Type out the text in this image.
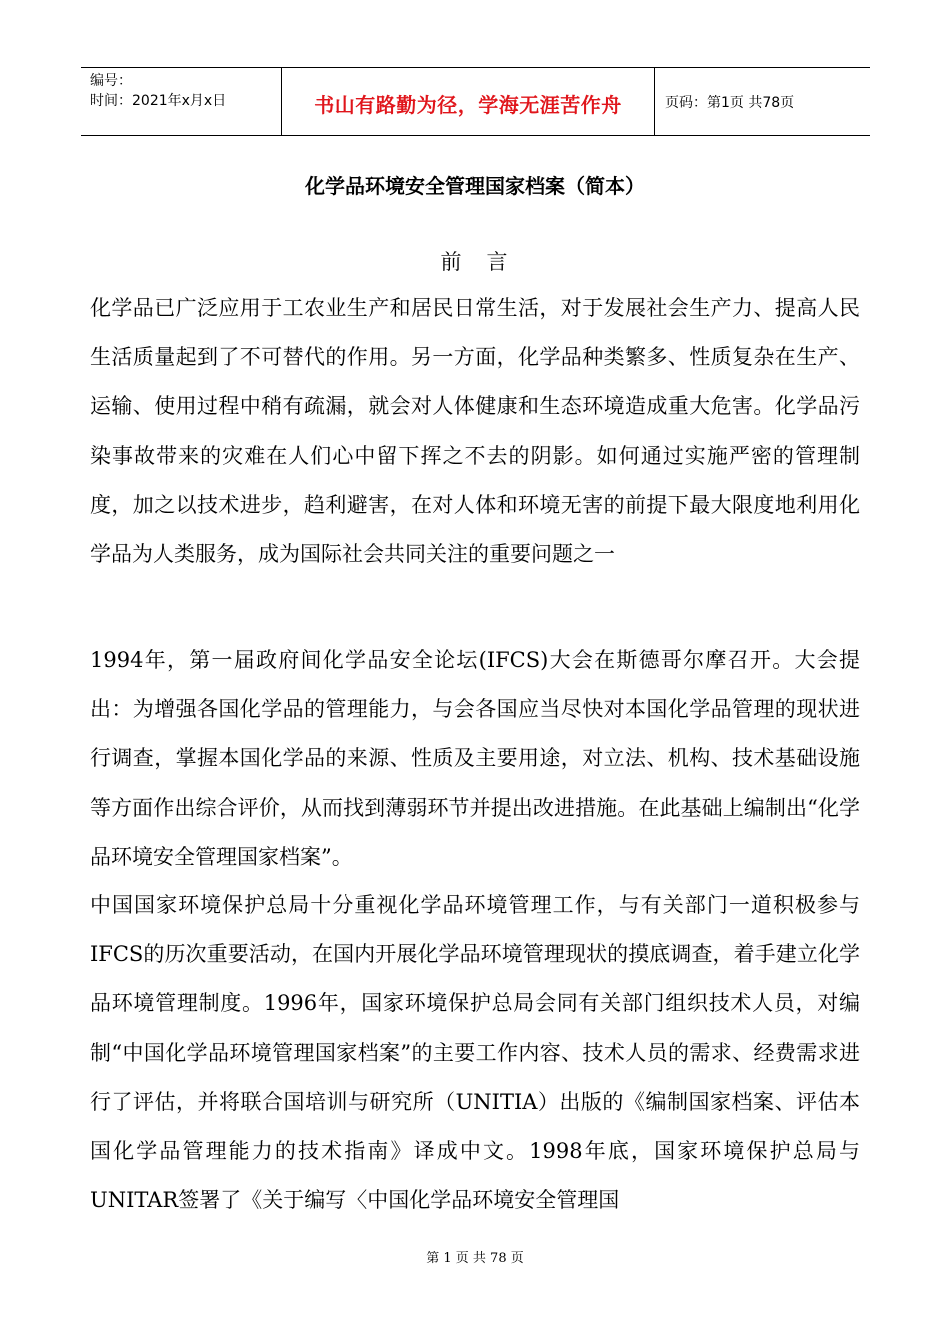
编号：
时间：2021年x月x日	书山有路勤为径，学海无涯苦作舟	页码：第1页 共78页
化学品环境安全管理国家档案（简本）
前　言

化学品已广泛应用于工农业生产和居民日常生活，对于发展社会生产力、提高人民生活质量起到了不可替代的作用。另一方面，化学品种类繁多、性质复杂在生产、运输、使用过程中稍有疏漏，就会对人体健康和生态环境造成重大危害。化学品污染事故带来的灾难在人们心中留下挥之不去的阴影。如何通过实施严密的管理制度，加之以技术进步，趋利避害，在对人体和环境无害的前提下最大限度地利用化学品为人类服务，成为国际社会共同关注的重要问题之一

1994年，第一届政府间化学品安全论坛(IFCS)大会在斯德哥尔摩召开。大会提出：为增强各国化学品的管理能力，与会各国应当尽快对本国化学品管理的现状进行调查，掌握本国化学品的来源、性质及主要用途，对立法、机构、技术基础设施等方面作出综合评价，从而找到薄弱环节并提出改进措施。在此基础上编制出“化学品环境安全管理国家档案”。

中国国家环境保护总局十分重视化学品环境管理工作，与有关部门一道积极参与IFCS的历次重要活动，在国内开展化学品环境管理现状的摸底调查，着手建立化学品环境管理制度。1996年，国家环境保护总局会同有关部门组织技术人员，对编制“中国化学品环境管理国家档案”的主要工作内容、技术人员的需求、经费需求进行了评估，并将联合国培训与研究所（UNITIA）出版的《编制国家档案、评估本国化学品管理能力的技术指南》译成中文。1998年底，国家环境保护总局与UNITAR签署了《关于编写〈中国化学品环境安全管理国

第 1 页 共 78 页
